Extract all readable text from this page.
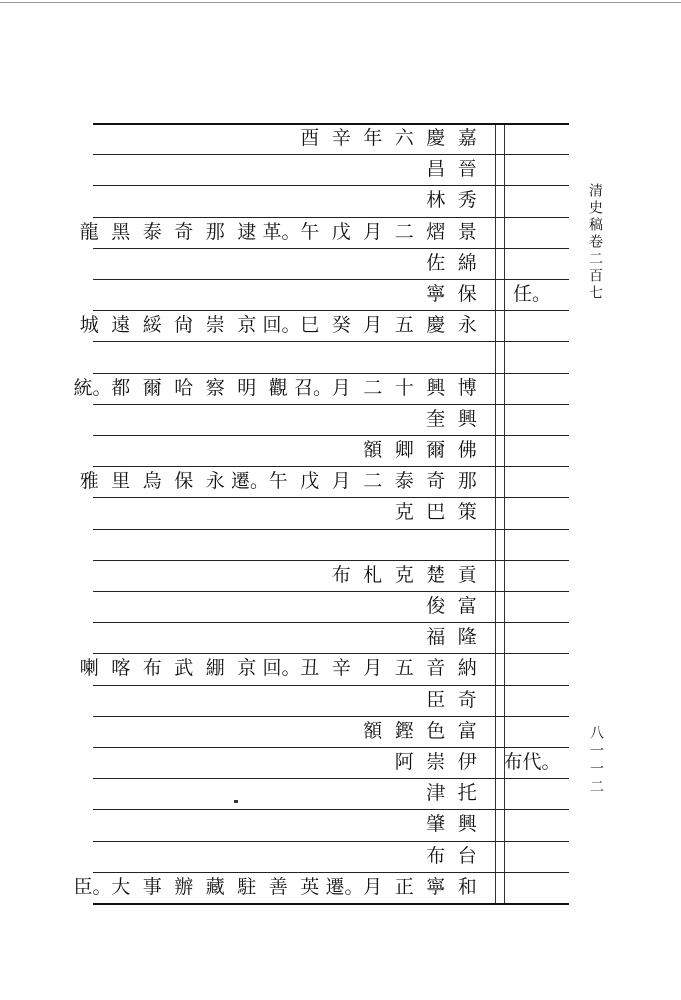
清史稿卷二百七
八一一二
酉 辛 年 六 慶 嘉
昌 晉
林 秀
龍 黑 泰 奇 那 逮 革。午 戊 月 二 熠 景
佐 綿
寧 保	任。
城 遠 綏 尙 崇 京 回。巳 癸 月 五 慶 永
統。都 爾 哈 察 明 觀 召。月 二 十 興 博
奎 興
額 卿 爾 佛
雅 里 烏 保 永 遷。午 戊 月 二 泰 奇 那
克 巴 策
布 札 克 楚 貢
俊 富
福 隆
喇 喀 布 武 綳 京 回。丑 辛 月 五 音 納
臣 奇
額 鏗 色 富
阿 崇 伊	布代。
津 托
肇 興
布 台
臣。大 事 辦 藏 駐 善 英 遷。月 正 寧 和
